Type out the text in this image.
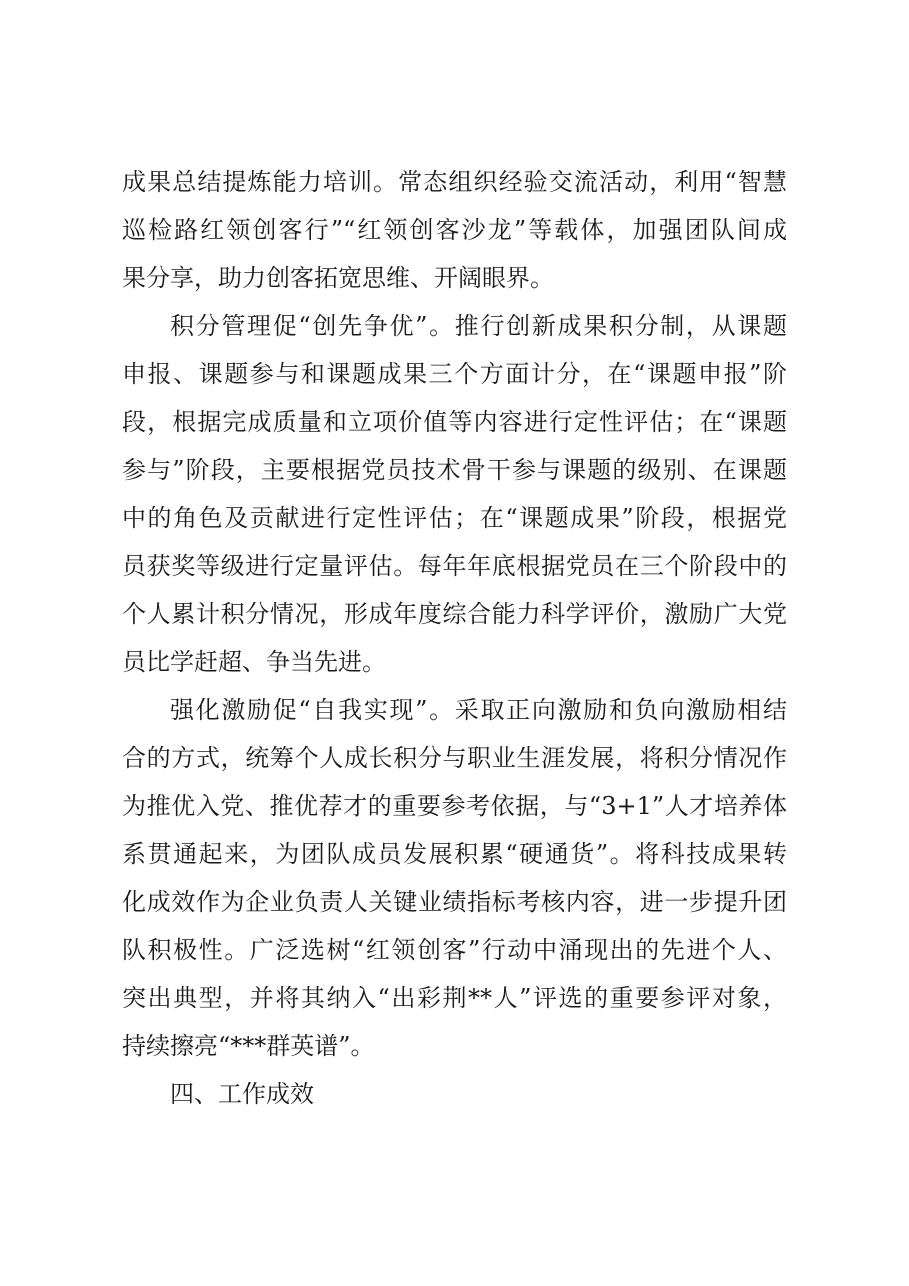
成果总结提炼能力培训。常态组织经验交流活动，利用“智慧
巡检路红领创客行”“红领创客沙龙”等载体，加强团队间成
果分享，助力创客拓宽思维、开阔眼界。
积分管理促“创先争优”。推行创新成果积分制，从课题
申报、课题参与和课题成果三个方面计分，在“课题申报”阶
段，根据完成质量和立项价值等内容进行定性评估；在“课题
参与”阶段，主要根据党员技术骨干参与课题的级别、在课题
中的角色及贡献进行定性评估；在“课题成果”阶段，根据党
员获奖等级进行定量评估。每年年底根据党员在三个阶段中的
个人累计积分情况，形成年度综合能力科学评价，激励广大党
员比学赶超、争当先进。
强化激励促“自我实现”。采取正向激励和负向激励相结
合的方式，统筹个人成长积分与职业生涯发展，将积分情况作
为推优入党、推优荐才的重要参考依据，与“3+1”人才培养体
系贯通起来，为团队成员发展积累“硬通货”。将科技成果转
化成效作为企业负责人关键业绩指标考核内容，进一步提升团
队积极性。广泛选树“红领创客”行动中涌现出的先进个人、
突出典型，并将其纳入“出彩荆**人”评选的重要参评对象，
持续擦亮“***群英谱”。
四、工作成效
